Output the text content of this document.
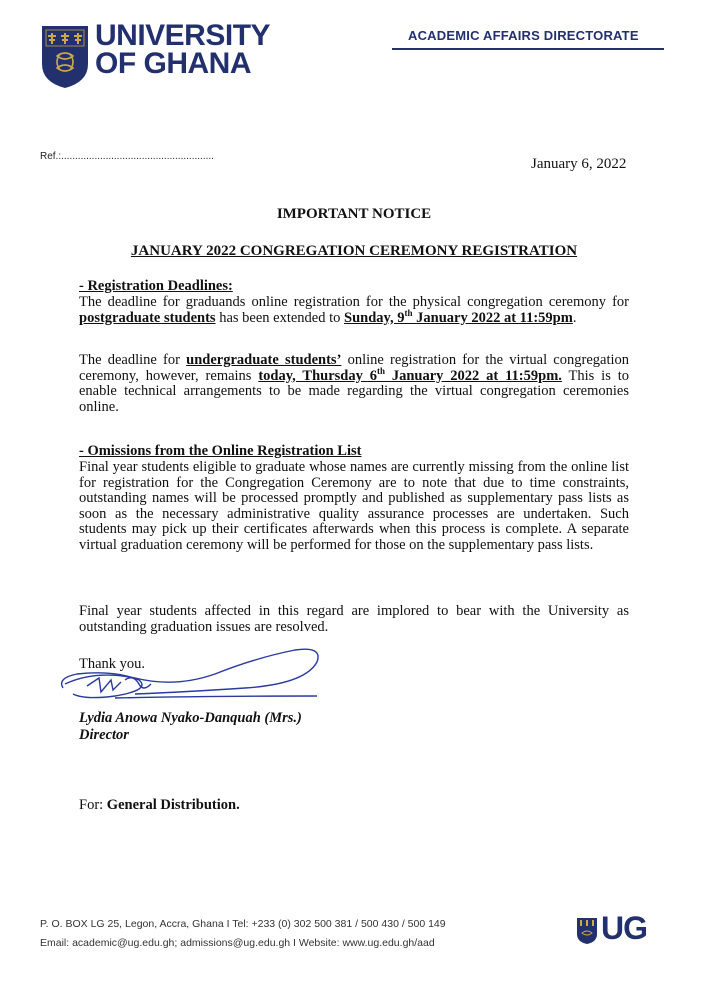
UNIVERSITY
OF GHANA
ACADEMIC AFFAIRS DIRECTORATE
Ref.:.......................................................	January 6, 2022
IMPORTANT NOTICE
JANUARY 2022 CONGREGATION CEREMONY REGISTRATION
- Registration Deadlines:
The deadline for graduands online registration for the physical congregation ceremony for postgraduate students has been extended to Sunday, 9th January 2022 at 11:59pm.
The deadline for undergraduate students’ online registration for the virtual congregation ceremony, however, remains today, Thursday 6th January 2022 at 11:59pm. This is to enable technical arrangements to be made regarding the virtual congregation ceremonies online.
- Omissions from the Online Registration List
Final year students eligible to graduate whose names are currently missing from the online list for registration for the Congregation Ceremony are to note that due to time constraints, outstanding names will be processed promptly and published as supplementary pass lists as soon as the necessary administrative quality assurance processes are undertaken. Such students may pick up their certificates afterwards when this process is complete. A separate virtual graduation ceremony will be performed for those on the supplementary pass lists.
Final year students affected in this regard are implored to bear with the University as outstanding graduation issues are resolved.
Thank you.
Lydia Anowa Nyako-Danquah (Mrs.)
Director
For: General Distribution.
P. O. BOX LG 25, Legon, Accra, Ghana I Tel: +233 (0) 302 500 381 / 500 430 / 500 149
Email: academic@ug.edu.gh; admissions@ug.edu.gh I Website: www.ug.edu.gh/aad	UG
